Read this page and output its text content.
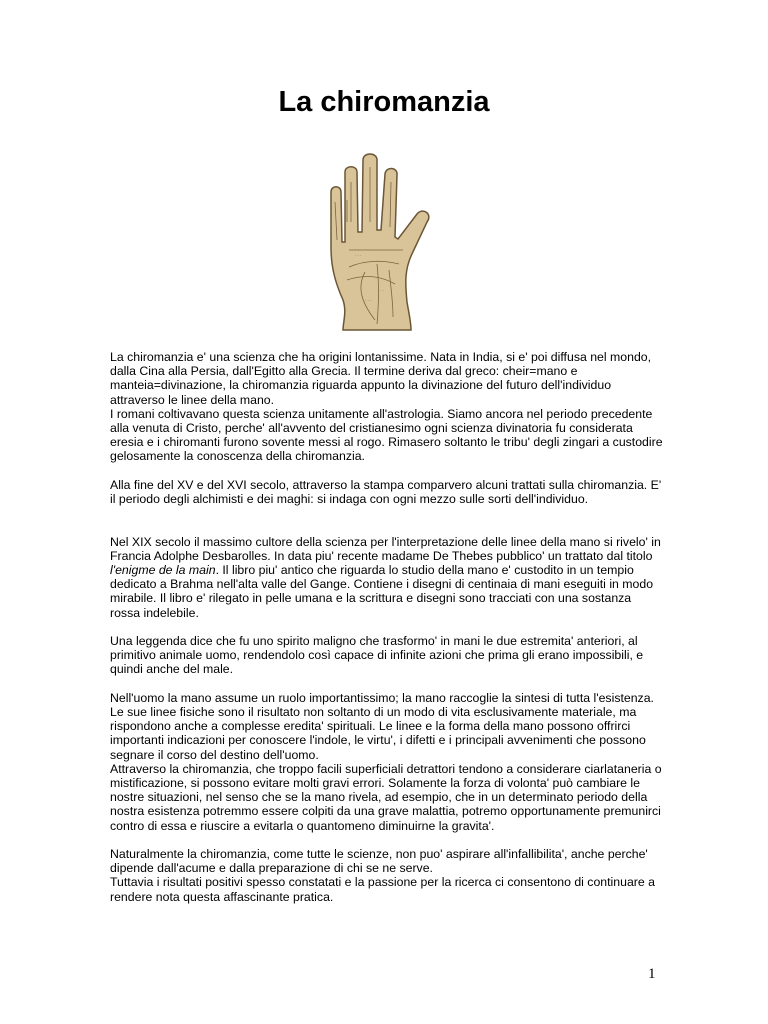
La chiromanzia
· · ·
· ·
· · ·

La chiromanzia e' una scienza che ha origini lontanissime. Nata in India, si e' poi diffusa nel mondo,
dalla Cina alla Persia, dall'Egitto alla Grecia. Il termine deriva dal greco: cheir=mano e
manteia=divinazione, la chiromanzia riguarda appunto la divinazione del futuro dell'individuo
attraverso le linee della mano.
I romani coltivavano questa scienza unitamente all'astrologia. Siamo ancora nel periodo precedente
alla venuta di Cristo, perche' all'avvento del cristianesimo ogni scienza divinatoria fu considerata
eresia e i chiromanti furono sovente messi al rogo. Rimasero soltanto le tribu' degli zingari a custodire
gelosamente la conoscenza della chiromanzia.

Alla fine del XV e del XVI secolo, attraverso la stampa comparvero alcuni trattati sulla chiromanzia. E'
il periodo degli alchimisti e dei maghi: si indaga con ogni mezzo sulle sorti dell'individuo.

Nel XIX secolo il massimo cultore della scienza per l'interpretazione delle linee della mano si rivelo' in
Francia Adolphe Desbarolles. In data piu' recente madame De Thebes pubblico' un trattato dal titolo
l'enigme de la main. Il libro piu' antico che riguarda lo studio della mano e' custodito in un tempio
dedicato a Brahma nell'alta valle del Gange. Contiene i disegni di centinaia di mani eseguiti in modo
mirabile. Il libro e' rilegato in pelle umana e la scrittura e disegni sono tracciati con una sostanza
rossa indelebile.

Una leggenda dice che fu uno spirito maligno che trasformo' in mani le due estremita' anteriori, al
primitivo animale uomo, rendendolo così capace di infinite azioni che prima gli erano impossibili, e
quindi anche del male.

Nell'uomo la mano assume un ruolo importantissimo; la mano raccoglie la sintesi di tutta l'esistenza.
Le sue linee fisiche sono il risultato non soltanto di un modo di vita esclusivamente materiale, ma
rispondono anche a complesse eredita' spirituali. Le linee e la forma della mano possono offrirci
importanti indicazioni per conoscere l'indole, le virtu', i difetti e i principali avvenimenti che possono
segnare il corso del destino dell'uomo.
Attraverso la chiromanzia, che troppo facili superficiali detrattori tendono a considerare ciarlataneria o
mistificazione, si possono evitare molti gravi errori. Solamente la forza di volonta' può cambiare le
nostre situazioni, nel senso che se la mano rivela, ad esempio, che in un determinato periodo della
nostra esistenza potremmo essere colpiti da una grave malattia, potremo opportunamente premunirci
contro di essa e riuscire a evitarla o quantomeno diminuirne la gravita'.

Naturalmente la chiromanzia, come tutte le scienze, non puo' aspirare all'infallibilita', anche perche'
dipende dall'acume e dalla preparazione di chi se ne serve.
Tuttavia i risultati positivi spesso constatati e la passione per la ricerca ci consentono di continuare a
rendere nota questa affascinante pratica.

1
